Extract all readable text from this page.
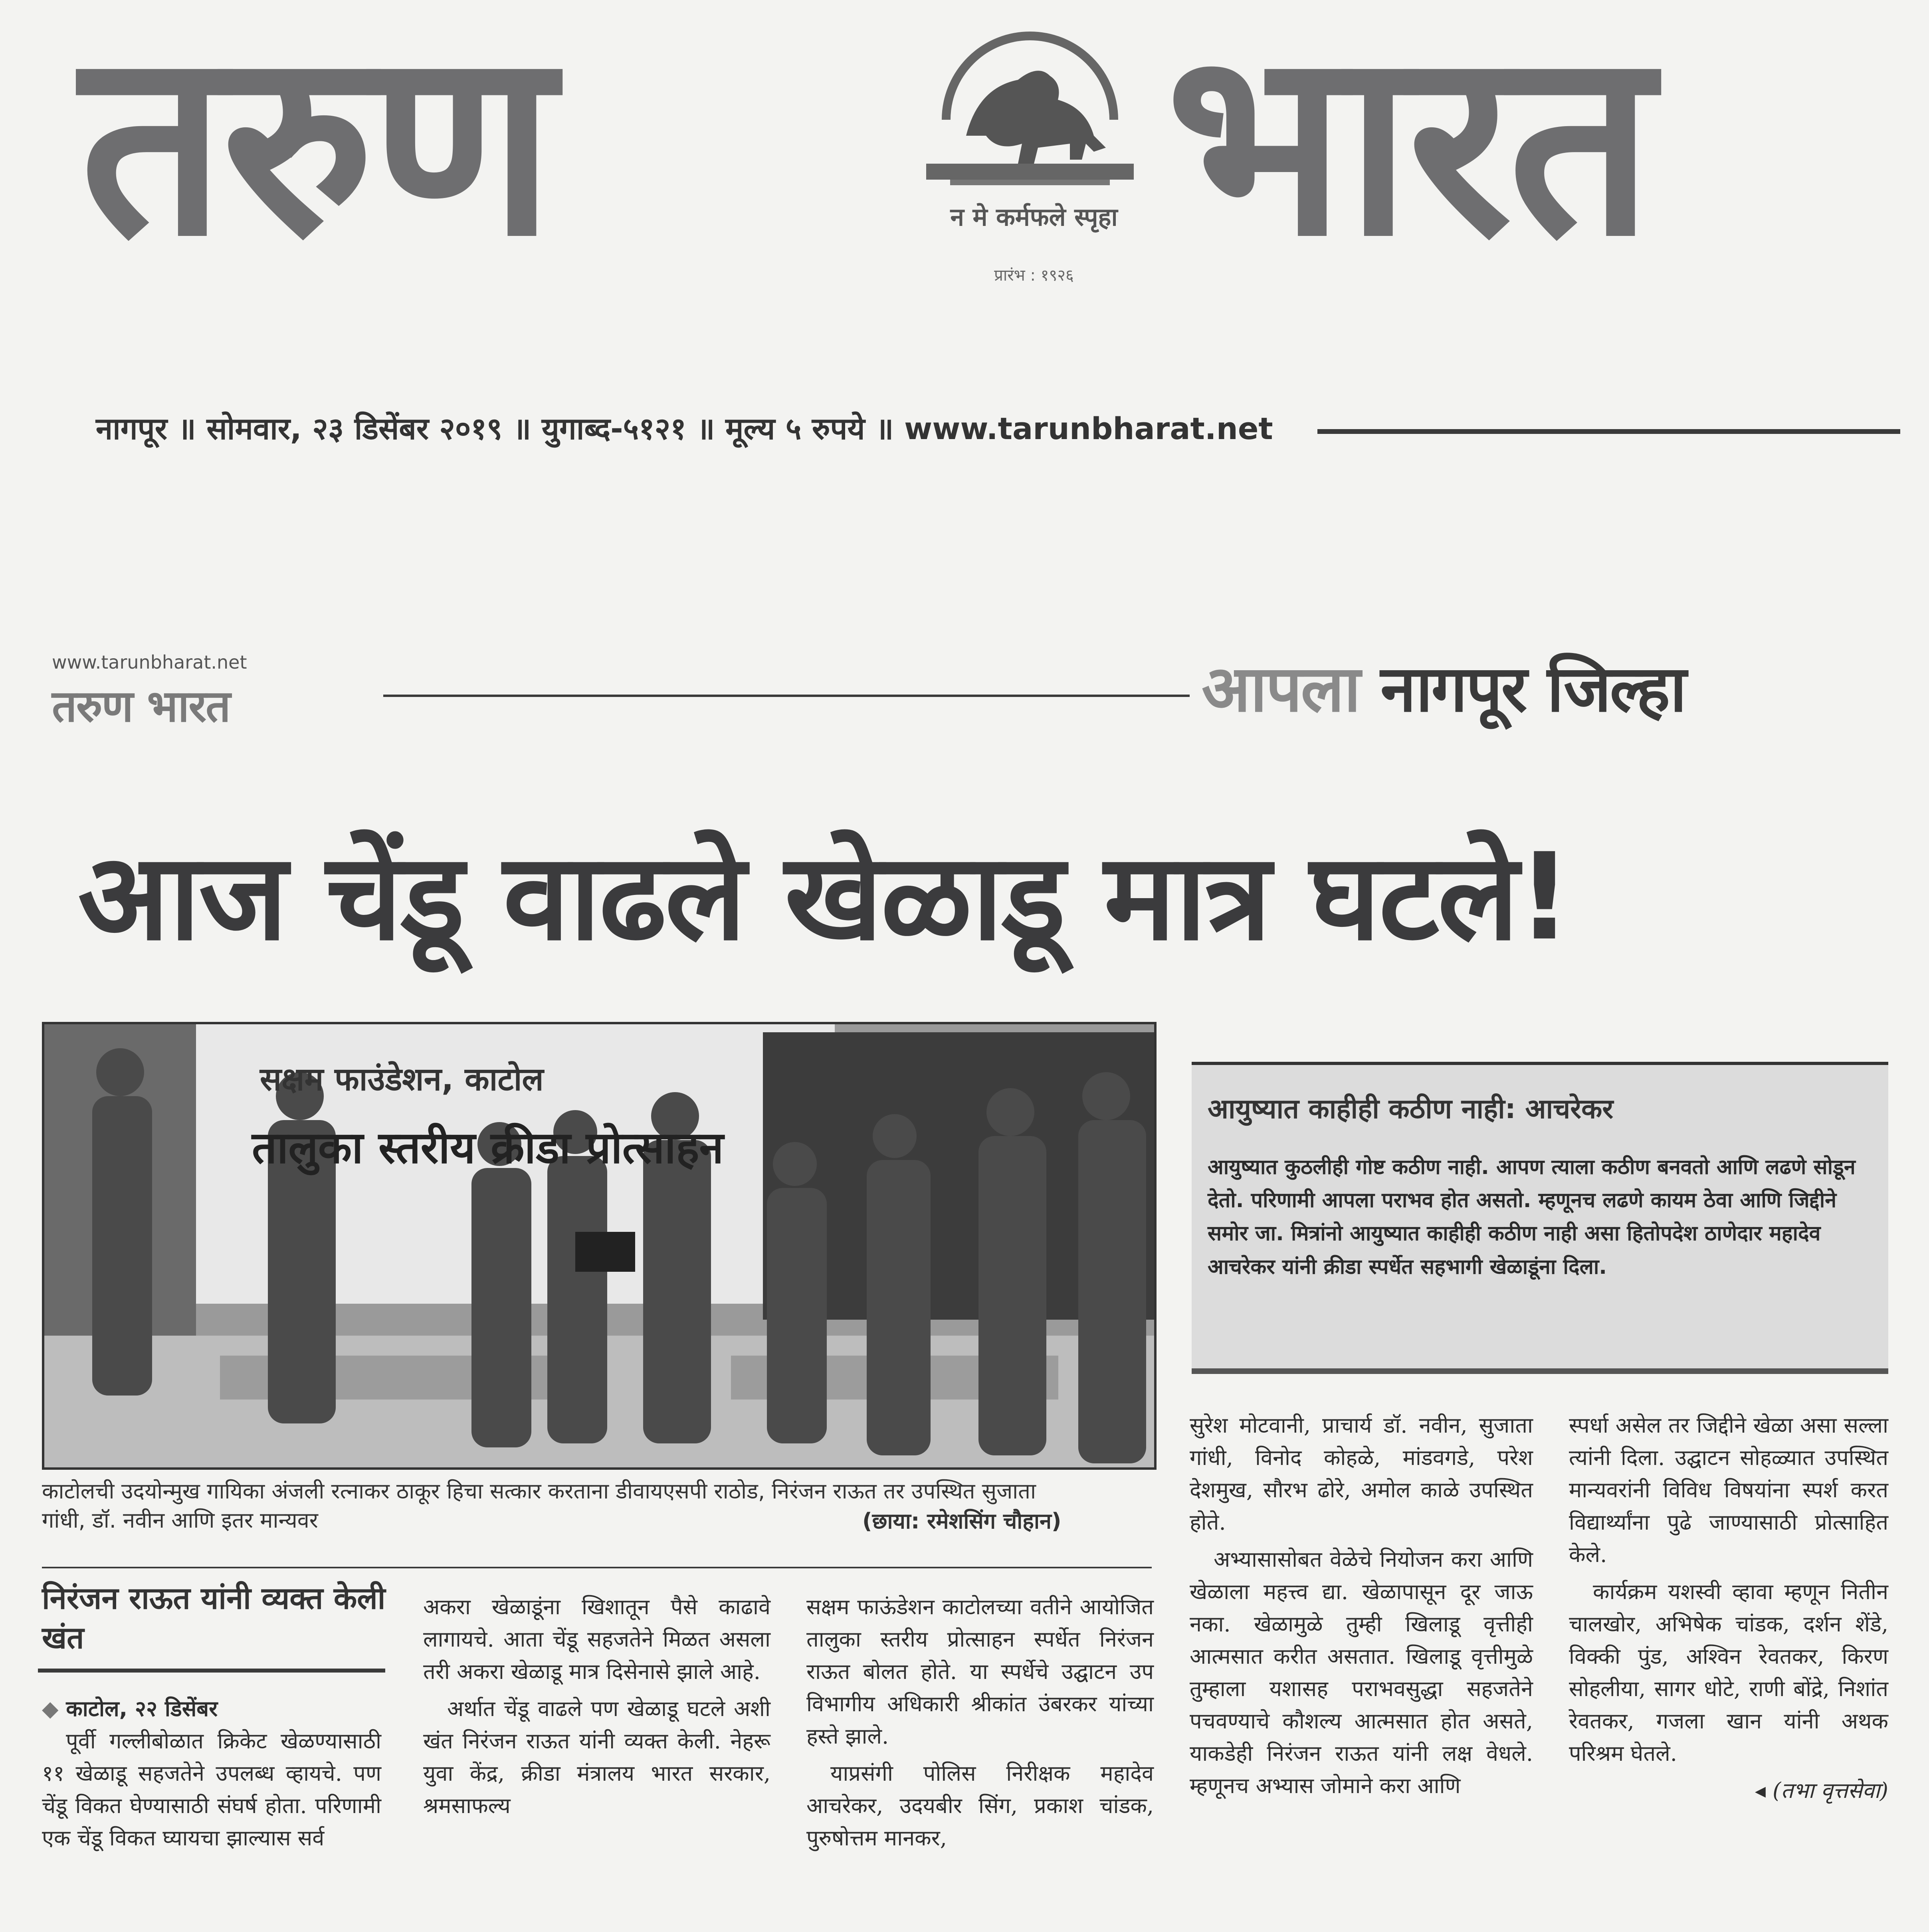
तरुण	न मे कर्मफले स्पृहा
प्रारंभ : १९२६ भारत
नागपूर ॥ सोमवार, २३ डिसेंबर २०१९ ॥ युगाब्द-५१२१ ॥ मूल्य ५ रुपये ॥ www.tarunbharat.net
www.tarunbharat.net
तरुण भारत	आपला नागपूर जिल्हा
आज चेंडू वाढले खेळाडू मात्र घटले!
सक्षम फाउंडेशन, काटोल
तालुका स्तरीय क्रीडा प्रोत्साहन
काटोलची उदयोन्मुख गायिका अंजली रत्नाकर ठाकूर हिचा सत्कार करताना डीवायएसपी राठोड, निरंजन राऊत तर उपस्थित सुजाता गांधी, डॉ. नवीन आणि इतर मान्यवर	(छाया: रमेशसिंग चौहान)
आयुष्यात काहीही कठीण नाही: आचरेकर
आयुष्यात कुठलीही गोष्ट कठीण नाही. आपण त्याला कठीण बनवतो आणि लढणे सोडून देतो. परिणामी आपला पराभव होत असतो. म्हणूनच लढणे कायम ठेवा आणि जिद्दीने समोर जा. मित्रांनो आयुष्यात काहीही कठीण नाही असा हितोपदेश ठाणेदार महादेव आचरेकर यांनी क्रीडा स्पर्धेत सहभागी खेळाडूंना दिला.
निरंजन राऊत यांनी व्यक्त केली खंत

◆ काटोल, २२ डिसेंबर

पूर्वी गल्लीबोळात क्रिकेट खेळण्यासाठी ११ खेळाडू सहजतेने उपलब्ध व्हायचे. पण चेंडू विकत घेण्यासाठी संघर्ष होता. परिणामी एक चेंडू विकत घ्यायचा झाल्यास सर्व

अकरा खेळाडूंना खिशातून पैसे काढावे लागायचे. आता चेंडू सहजतेने मिळत असला तरी अकरा खेळाडू मात्र दिसेनासे झाले आहे.

अर्थात चेंडू वाढले पण खेळाडू घटले अशी खंत निरंजन राऊत यांनी व्यक्त केली. नेहरू युवा केंद्र, क्रीडा मंत्रालय भारत सरकार, श्रमसाफल्य

सक्षम फाऊंडेशन काटोलच्या वतीने आयोजित तालुका स्तरीय प्रोत्साहन स्पर्धेत निरंजन राऊत बोलत होते. या स्पर्धेचे उद्घाटन उप विभागीय अधिकारी श्रीकांत उंबरकर यांच्या हस्ते झाले.

याप्रसंगी पोलिस निरीक्षक महादेव आचरेकर, उदयबीर सिंग, प्रकाश चांडक, पुरुषोत्तम मानकर,

सुरेश मोटवानी, प्राचार्य डॉ. नवीन, सुजाता गांधी, विनोद कोहळे, मांडवगडे, परेश देशमुख, सौरभ ढोरे, अमोल काळे उपस्थित होते.

अभ्यासासोबत वेळेचे नियोजन करा आणि खेळाला महत्त्व द्या. खेळापासून दूर जाऊ नका. खेळामुळे तुम्ही खिलाडू वृत्तीही आत्मसात करीत असतात. खिलाडू वृत्तीमुळे तुम्हाला यशासह पराभवसुद्धा सहजतेने पचवण्याचे कौशल्य आत्मसात होत असते, याकडेही निरंजन राऊत यांनी लक्ष वेधले. म्हणूनच अभ्यास जोमाने करा आणि

स्पर्धा असेल तर जिद्दीने खेळा असा सल्ला त्यांनी दिला. उद्घाटन सोहळ्यात उपस्थित मान्यवरांनी विविध विषयांना स्पर्श करत विद्यार्थ्यांना पुढे जाण्यासाठी प्रोत्साहित केले.

कार्यक्रम यशस्वी व्हावा म्हणून नितीन चालखोर, अभिषेक चांडक, दर्शन शेंडे, विक्की पुंड, अश्विन रेवतकर, किरण सोहलीया, सागर धोटे, राणी बोंद्रे, निशांत रेवतकर, गजला खान यांनी अथक परिश्रम घेतले.

◂ (तभा वृत्तसेवा)
